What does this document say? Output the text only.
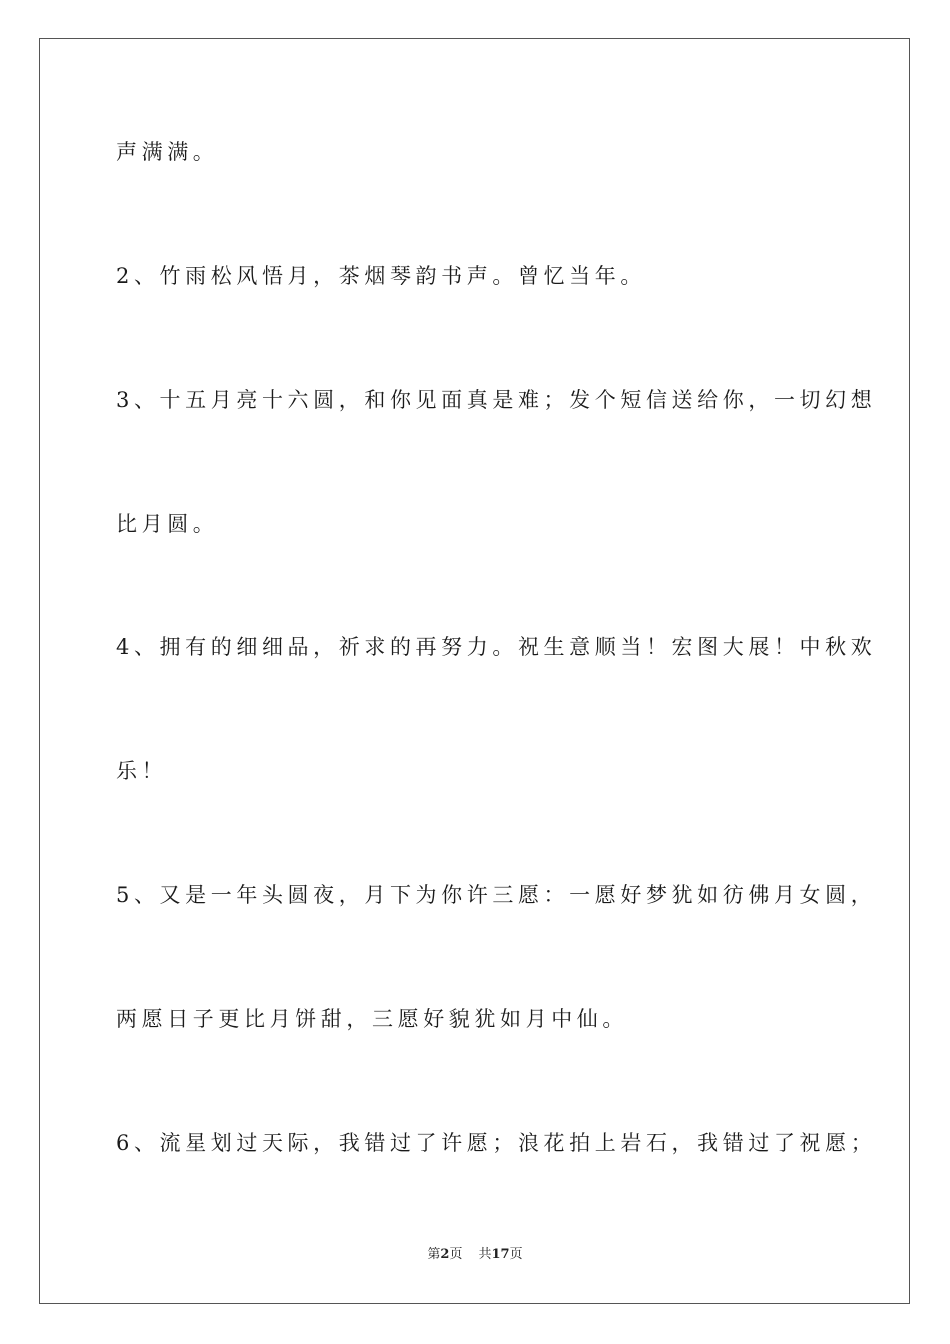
声满满。
2、竹雨松风悟月，茶烟琴韵书声。曾忆当年。
3、十五月亮十六圆，和你见面真是难；发个短信送给你，一切幻想
比月圆。
4、拥有的细细品，祈求的再努力。祝生意顺当！宏图大展！中秋欢
乐！
5、又是一年头圆夜，月下为你许三愿：一愿好梦犹如彷佛月女圆，
两愿日子更比月饼甜，三愿好貌犹如月中仙。
6、流星划过天际，我错过了许愿；浪花拍上岩石，我错过了祝愿；
第2页 共17页
